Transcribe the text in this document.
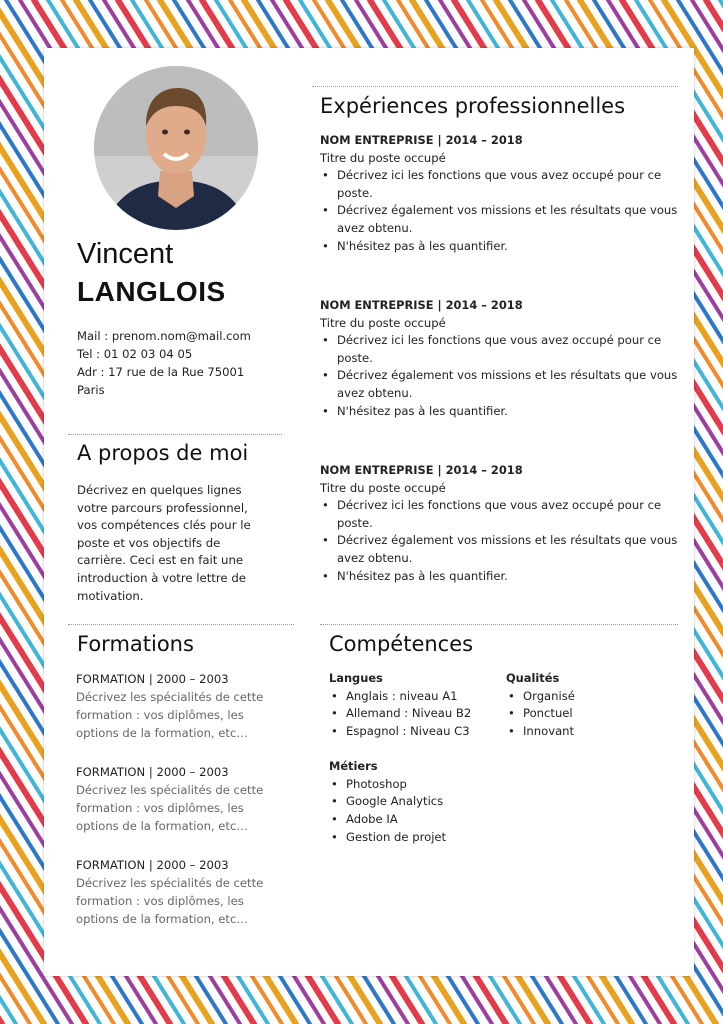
Vincent
LANGLOIS
Mail : prenom.nom@mail.com
Tel : 01 02 03 04 05
Adr : 17 rue de la Rue 75001
Paris
A propos de moi
Décrivez en quelques lignes
votre parcours professionnel,
vos compétences clés pour le
poste et vos objectifs de
carrière. Ceci est en fait une
introduction à votre lettre de
motivation.
Expériences professionnelles
NOM ENTREPRISE | 2014 – 2018
Titre du poste occupé
• Décrivez ici les fonctions que vous avez occupé pour ce poste.
• Décrivez également vos missions et les résultats que vous avez obtenu.
• N'hésitez pas à les quantifier.
NOM ENTREPRISE | 2014 – 2018
Titre du poste occupé
• Décrivez ici les fonctions que vous avez occupé pour ce poste.
• Décrivez également vos missions et les résultats que vous avez obtenu.
• N'hésitez pas à les quantifier.
NOM ENTREPRISE | 2014 – 2018
Titre du poste occupé
• Décrivez ici les fonctions que vous avez occupé pour ce poste.
• Décrivez également vos missions et les résultats que vous avez obtenu.
• N'hésitez pas à les quantifier.
Formations
FORMATION | 2000 – 2003
Décrivez les spécialités de cette
formation : vos diplômes, les
options de la formation, etc…
FORMATION | 2000 – 2003
Décrivez les spécialités de cette
formation : vos diplômes, les
options de la formation, etc…
FORMATION | 2000 – 2003
Décrivez les spécialités de cette
formation : vos diplômes, les
options de la formation, etc…
Compétences
Langues
• Anglais : niveau A1
• Allemand : Niveau B2
• Espagnol : Niveau C3
Qualités
• Organisé
• Ponctuel
• Innovant
Métiers
• Photoshop
• Google Analytics
• Adobe IA
• Gestion de projet
